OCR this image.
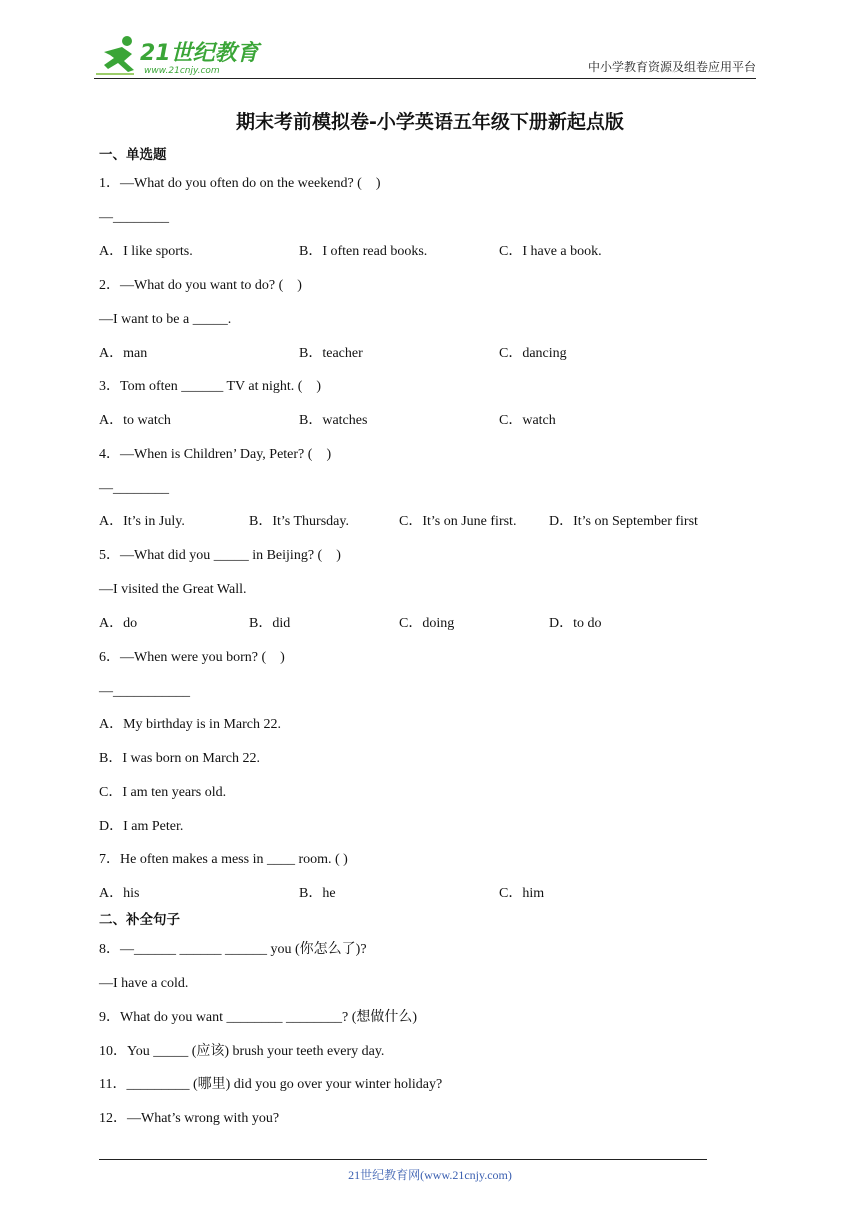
21世纪教育
www.21cnjy.com	中小学教育资源及组卷应用平台
期末考前模拟卷-小学英语五年级下册新起点版
一、单选题
1．—What do you often do on the weekend? (　)
—________
A．I like sports.	B．I often read books.	C．I have a book.
2．—What do you want to do? (　)
—I want to be a _____.
A．man	B．teacher	C．dancing
3．Tom often ______ TV at night. (　)
A．to watch	B．watches	C．watch
4．—When is Children’ Day, Peter? (　)
—________
A．It’s in July.	B．It’s Thursday.	C．It’s on June first. D．It’s on September first
5．—What did you _____ in Beijing? (　)
—I visited the Great Wall.
A．do	B．did	C．doing	D．to do
6．—When were you born? (　)
—___________
A．My birthday is in March 22.
B．I was born on March 22.
C．I am ten years old.
D．I am Peter.
7．He often makes a mess in ____ room. ( )
A．his	B．he	C．him
二、补全句子
8．—______ ______ ______ you (你怎么了)?
—I have a cold.
9．What do you want ________ ________? (想做什么)
10．You _____ (应该) brush your teeth every day.
11．_________ (哪里) did you go over your winter holiday?
12．—What’s wrong with you?
21世纪教育网(www.21cnjy.com)
